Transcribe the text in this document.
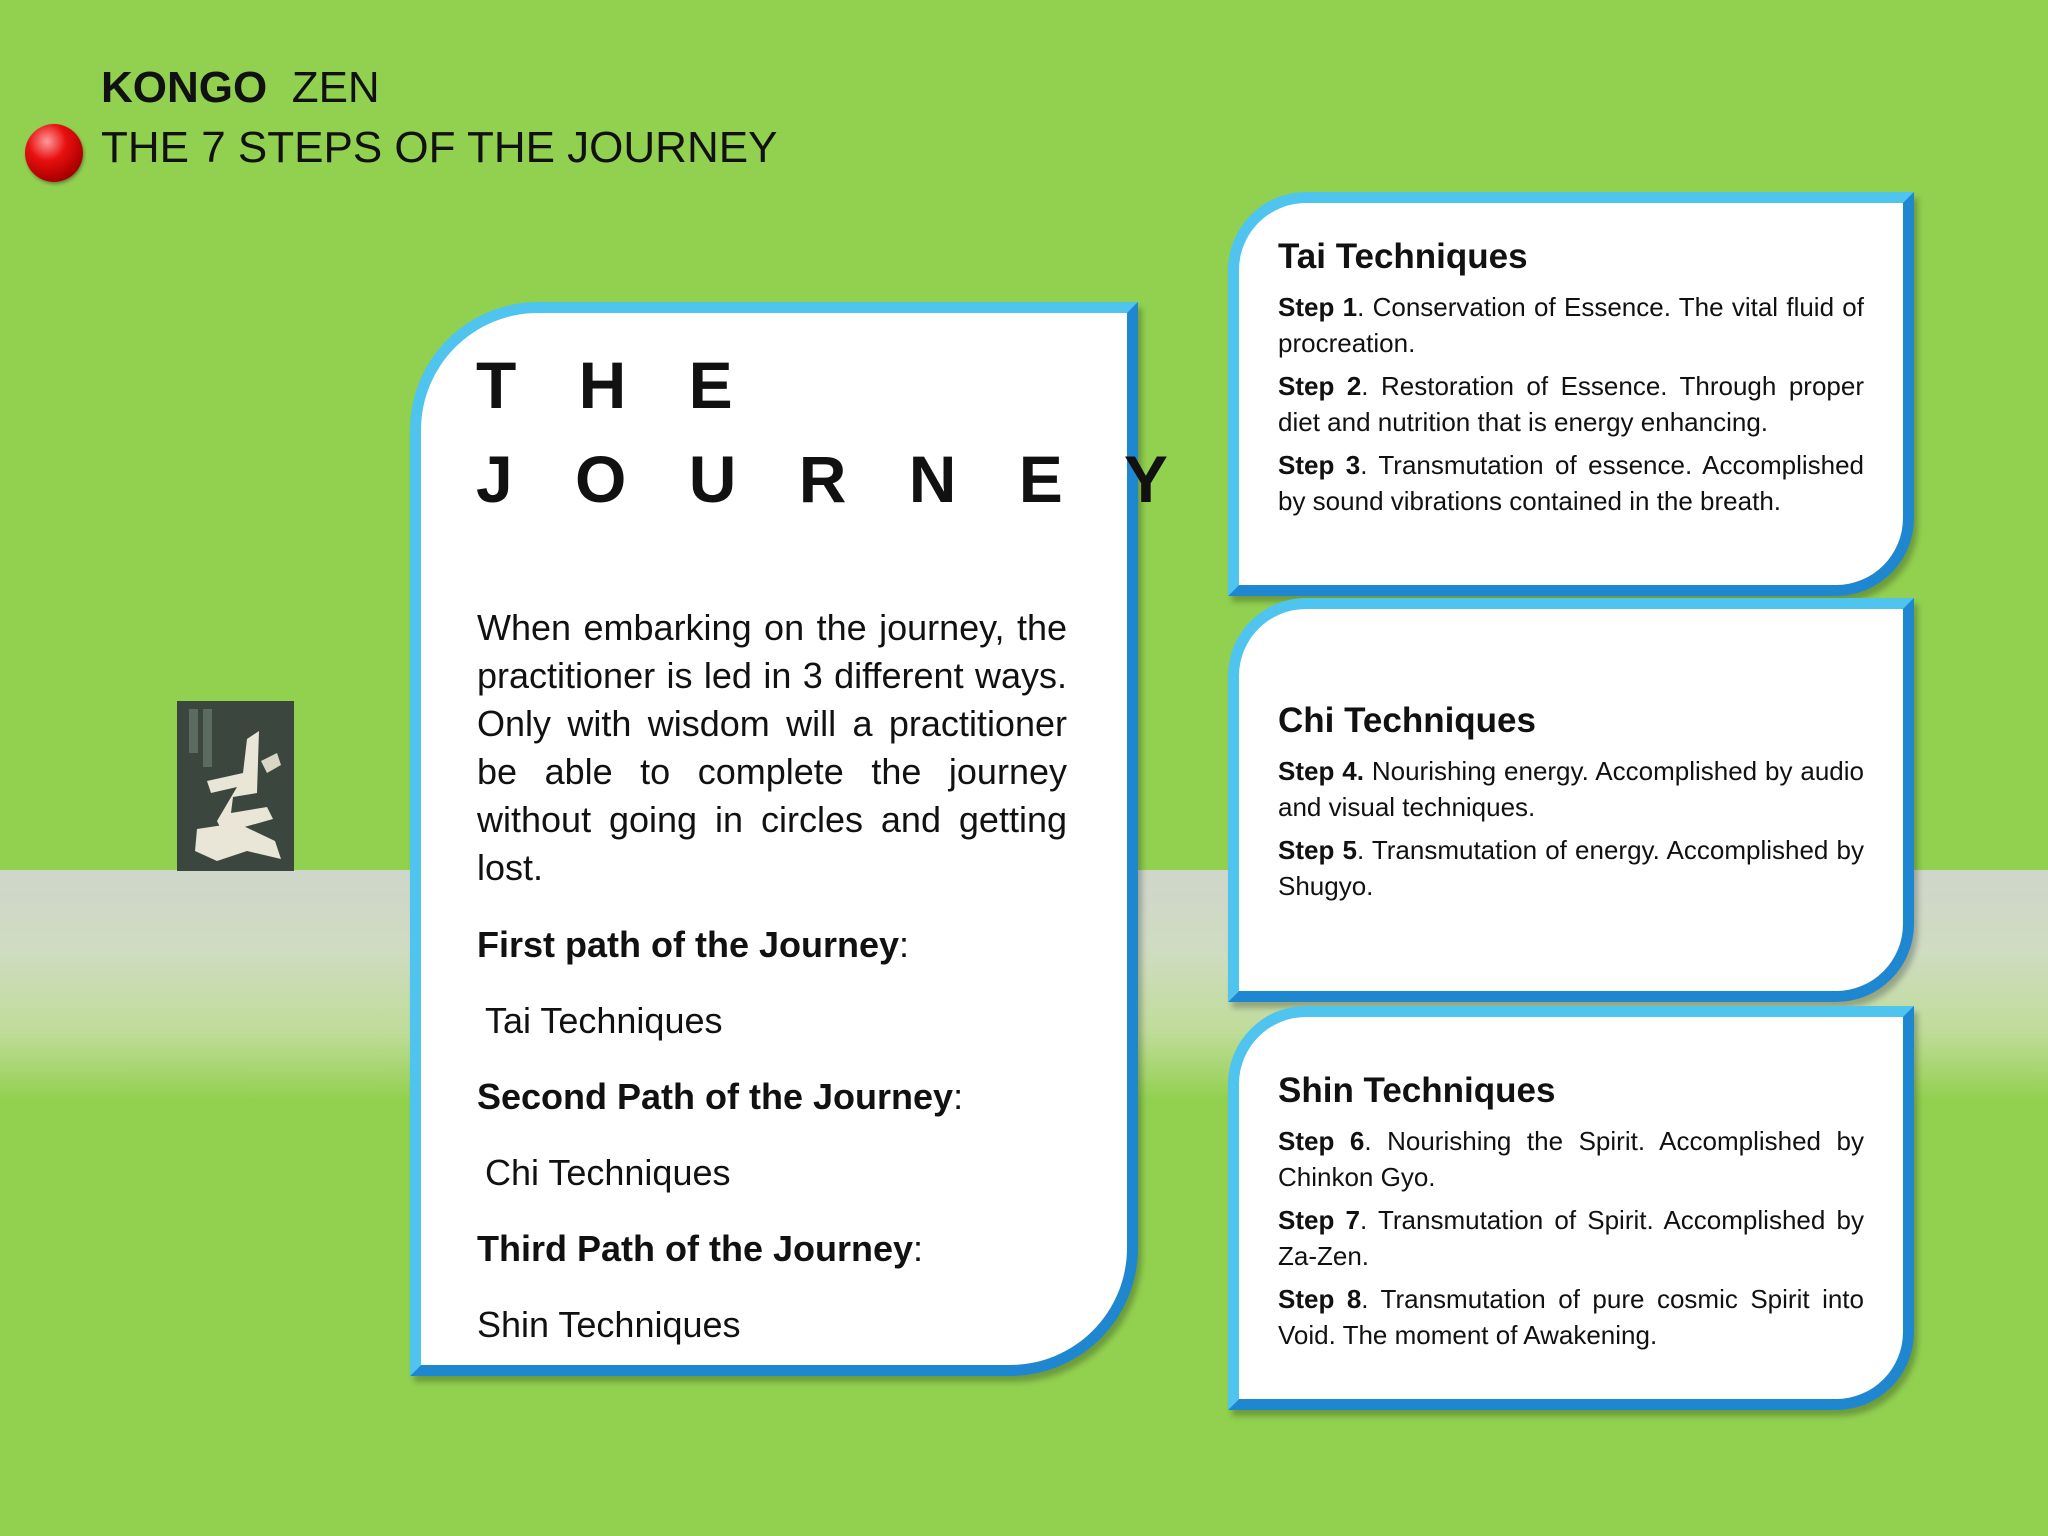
KONGO ZEN
THE 7 STEPS OF THE JOURNEY
T H E
J O U R N E Y
When embarking on the journey, the practitioner is led in 3 different ways. Only with wisdom will a practitioner be able to complete the journey without going in circles and getting lost.
First path of the Journey:
Tai Techniques
Second Path of the Journey:
Chi Techniques
Third Path of the Journey:
Shin Techniques
Tai Techniques
Step 1. Conservation of Essence. The vital fluid of procreation.
Step 2. Restoration of Essence. Through proper diet and nutrition that is energy enhancing.
Step 3. Transmutation of essence. Accomplished by sound vibrations contained in the breath.
Chi Techniques
Step 4. Nourishing energy. Accomplished by audio and visual techniques.
Step 5. Transmutation of energy. Accomplished by Shugyo.
Shin Techniques
Step 6. Nourishing the Spirit. Accomplished by Chinkon Gyo.
Step 7. Transmutation of Spirit. Accomplished by Za-Zen.
Step 8. Transmutation of pure cosmic Spirit into Void. The moment of Awakening.
